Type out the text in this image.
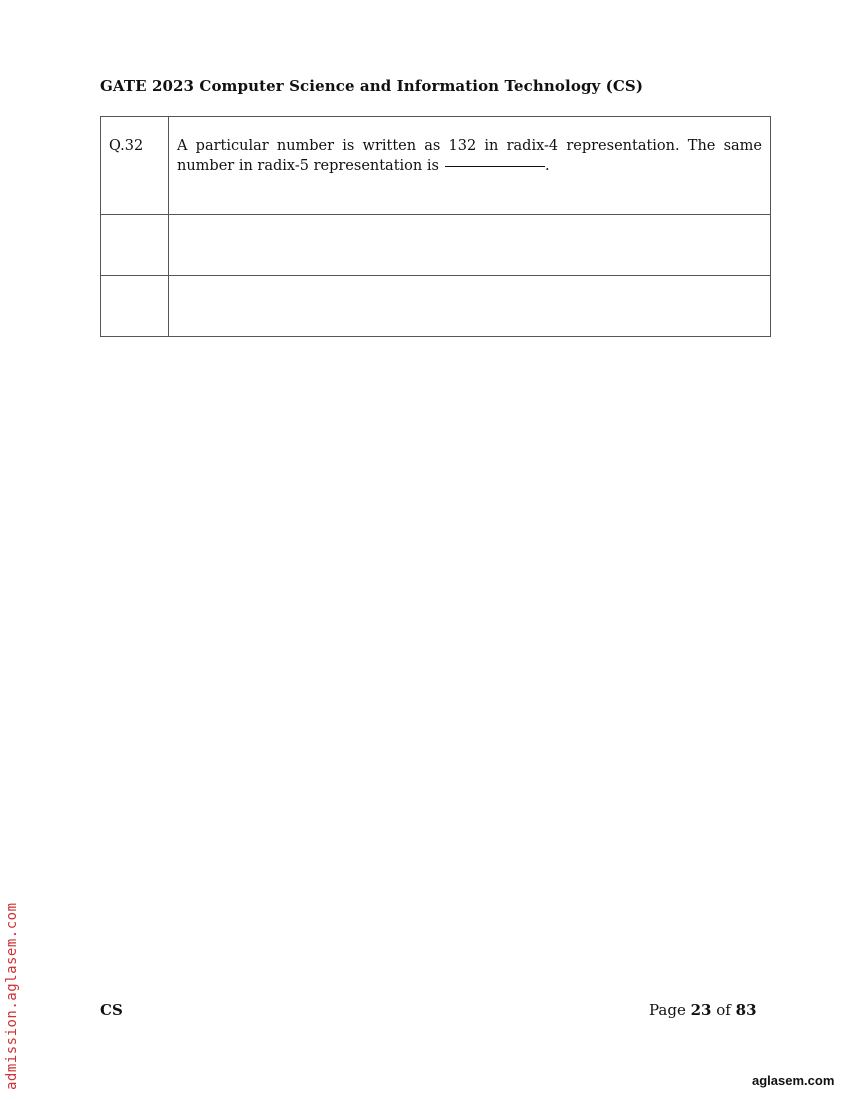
GATE 2023 Computer Science and Information Technology (CS)
Q.32	A particular number is written as 132 in radix-4 representation. The same number in radix-5 representation is .

CS	Page 23 of 83
admission.aglasem.com	aglasem.com
